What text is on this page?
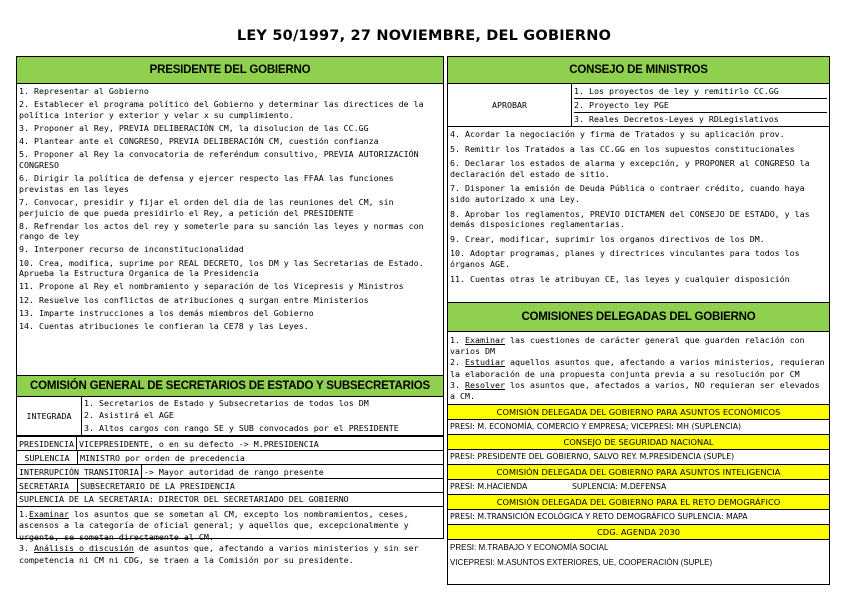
LEY 50/1997, 27 NOVIEMBRE, DEL GOBIERNO
PRESIDENTE DEL GOBIERNO
1. Representar al Gobierno
2. Establecer el programa político del Gobierno y determinar las directices de la política interior y exterior y velar x su cumplimiento.
3. Proponer al Rey, PREVIA DELIBERACIÓN CM, la disolucion de las CC.GG
4. Plantear ante el CONGRESO, PREVIA DELIBERACIÓN CM, cuestión confianza
5. Proponer al Rey la convocatoria de referéndum consultivo, PREVIA AUTORIZACIÓN CONGRESO
6. Dirigir la política de defensa y ejercer respecto las FFAA las funciones previstas en las leyes
7. Convocar, presidir y fijar el orden del día de las reuniones del CM, sin perjuicio de que pueda presidirlo el Rey, a petición del PRESIDENTE
8. Refrendar los actos del rey y someterle para su sanción las leyes y normas con rango de ley
9. Interponer recurso de inconstitucionalidad
10. Crea, modifica, suprime por REAL DECRETO, los DM y las Secretarias de Estado. Aprueba la Estructura Organica de la Presidencia
11. Propone al Rey el nombramiento y separación de los Vicepresis y Ministros
12. Resuelve los conflictos de atribuciones q surgan entre Ministerios
13. Imparte instrucciones a los demás miembros del Gobierno
14. Cuentas atribuciones le confieran la CE78 y las Leyes.
COMISIÓN GENERAL DE SECRETARIOS DE ESTADO Y SUBSECRETARIOS
INTEGRADA
1. Secretarios de Estado y Subsecretarios de todos los DM
2. Asistirá el AGE
3. Altos cargos con rango SE y SUB convocados por el PRESIDENTE
PRESIDENCIA VICEPRESIDENTE, o en su defecto -> M.PRESIDENCIA
SUPLENCIA	MINISTRO por orden de precedencia
INTERRUPCIÓN TRANSITORIA -> Mayor autoridad de rango presente
SECRETARIA	SUBSECRETARIO DE LA PRESIDENCIA
SUPLENCIA DE LA SECRETARIA: DIRECTOR DEL SECRETARIADO DEL GOBIERNO
1.Examinar los asuntos que se sometan al CM, excepto los nombramientos, ceses, ascensos a la categoría de oficial general; y aquellos que, excepcionalmente y urgente, se sometan directamente al CM.
3. Análisis o discusión de asuntos que, afectando a varios ministerios y sin ser competencia ni CM ni CDG, se traen a la Comisión por su presidente.
CONSEJO DE MINISTROS
APROBAR
1. Los proyectos de ley y remitirlo CC.GG
2. Proyecto ley PGE
3. Reales Decretos-Leyes y RDLegislativos
4. Acordar la negociación y firma de Tratados y su aplicación prov.
5. Remitir los Tratados a las CC.GG en los supuestos constitucionales
6. Declarar los estados de alarma y excepción, y PROPONER al CONGRESO la declaración del estado de sitio.
7. Disponer la emisión de Deuda Pública o contraer crédito, cuando haya sido autorizado x una Ley.
8. Aprobar los reglamentos, PREVIO DICTAMEN del CONSEJO DE ESTADO, y las demás disposiciones reglamentarias.
9. Crear, modificar, suprimir los organos directivos de los DM.
10. Adoptar programas, planes y directrices vinculantes para todos los órganos AGE.
11. Cuentas otras le atribuyan CE, las leyes y cualquier disposición
COMISIONES DELEGADAS DEL GOBIERNO
1. Examinar las cuestiones de carácter general que guarden relación con varios DM
2. Estudiar aquellos asuntos que, afectando a varios ministerios, requieran la elaboración de una propuesta conjunta previa a su resolución por CM
3. Resolver los asuntos que, afectados a varios, NO requieran ser elevados a CM.
COMISIÓN DELEGADA DEL GOBIERNO PARA ASUNTOS ECONÓMICOS
PRESI: M. ECONOMÍA, COMERCIO Y EMPRESA; VICEPRESI: MH (SUPLENCIA)
CONSEJO DE SEGURIDAD NACIONAL
PRESI: PRESIDENTE DEL GOBIERNO, SALVO REY. M.PRESIDENCIA (SUPLE)
COMISIÓN DELEGADA DEL GOBIERNO PARA ASUNTOS INTELIGENCIA
PRESI: M.HACIENDA                  SUPLENCIA: M.DEFENSA
COMISIÓN DELEGADA DEL GOBIERNO PARA EL RETO DEMOGRÁFICO
PRESI: M.TRANSICIÓN ECOLÓGICA Y RETO DEMOGRÁFICO SUPLENCIA: MAPA
CDG. AGENDA 2030
PRESI: M.TRABAJO Y ECONOMÍA SOCIAL
VICEPRESI: M.ASUNTOS EXTERIORES, UE, COOPERACIÓN (SUPLE)
